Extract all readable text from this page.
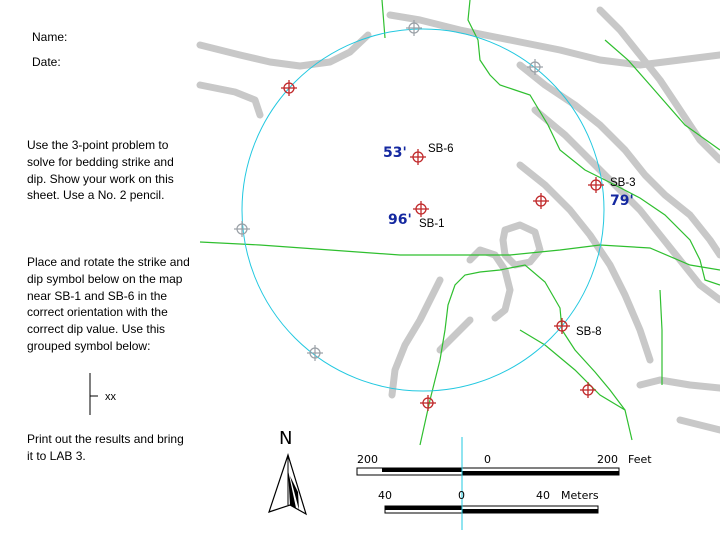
Name:
Date:
Use the 3-point problem to solve for bedding strike and dip. Show your work on this sheet. Use a No. 2 pencil.
Place and rotate the strike and dip symbol below on the map near SB-1 and SB-6 in the correct orientation with the correct dip value. Use this grouped symbol below:
xx
Print out the results and bring it to LAB 3.
53' SB-6
SB-3
79'
96' SB-1
SB-8
N
200	0	200 Feet
40	0	40 Meters
